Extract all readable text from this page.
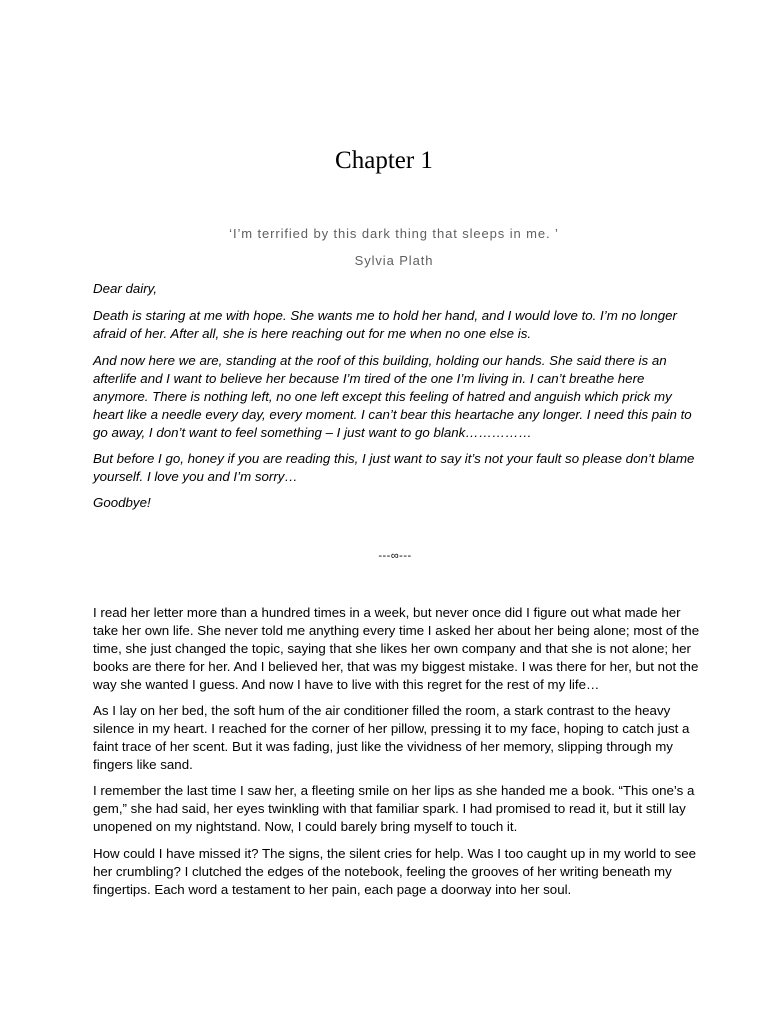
Chapter 1

‘I’m terrified by this dark thing that sleeps in me. ’

Sylvia Plath

Dear dairy,

Death is staring at me with hope. She wants me to hold her hand, and I would love to. I’m no longer afraid of her. After all, she is here reaching out for me when no one else is.

And now here we are, standing at the roof of this building, holding our hands. She said there is an afterlife and I want to believe her because I’m tired of the one I’m living in. I can’t breathe here anymore. There is nothing left, no one left except this feeling of hatred and anguish which prick my heart like a needle every day, every moment. I can’t bear this heartache any longer. I need this pain to go away, I don’t want to feel something – I just want to go blank……………

But before I go, honey if you are reading this, I just want to say it’s not your fault so please don’t blame yourself. I love you and I’m sorry…

Goodbye!

---∞---

I read her letter more than a hundred times in a week, but never once did I figure out what made her take her own life. She never told me anything every time I asked her about her being alone; most of the time, she just changed the topic, saying that she likes her own company and that she is not alone; her books are there for her. And I believed her, that was my biggest mistake. I was there for her, but not the way she wanted I guess. And now I have to live with this regret for the rest of my life…

As I lay on her bed, the soft hum of the air conditioner filled the room, a stark contrast to the heavy silence in my heart. I reached for the corner of her pillow, pressing it to my face, hoping to catch just a faint trace of her scent. But it was fading, just like the vividness of her memory, slipping through my fingers like sand.

I remember the last time I saw her, a fleeting smile on her lips as she handed me a book. “This one’s a gem,” she had said, her eyes twinkling with that familiar spark. I had promised to read it, but it still lay unopened on my nightstand. Now, I could barely bring myself to touch it.

How could I have missed it? The signs, the silent cries for help. Was I too caught up in my world to see her crumbling? I clutched the edges of the notebook, feeling the grooves of her writing beneath my fingertips. Each word a testament to her pain, each page a doorway into her soul.
